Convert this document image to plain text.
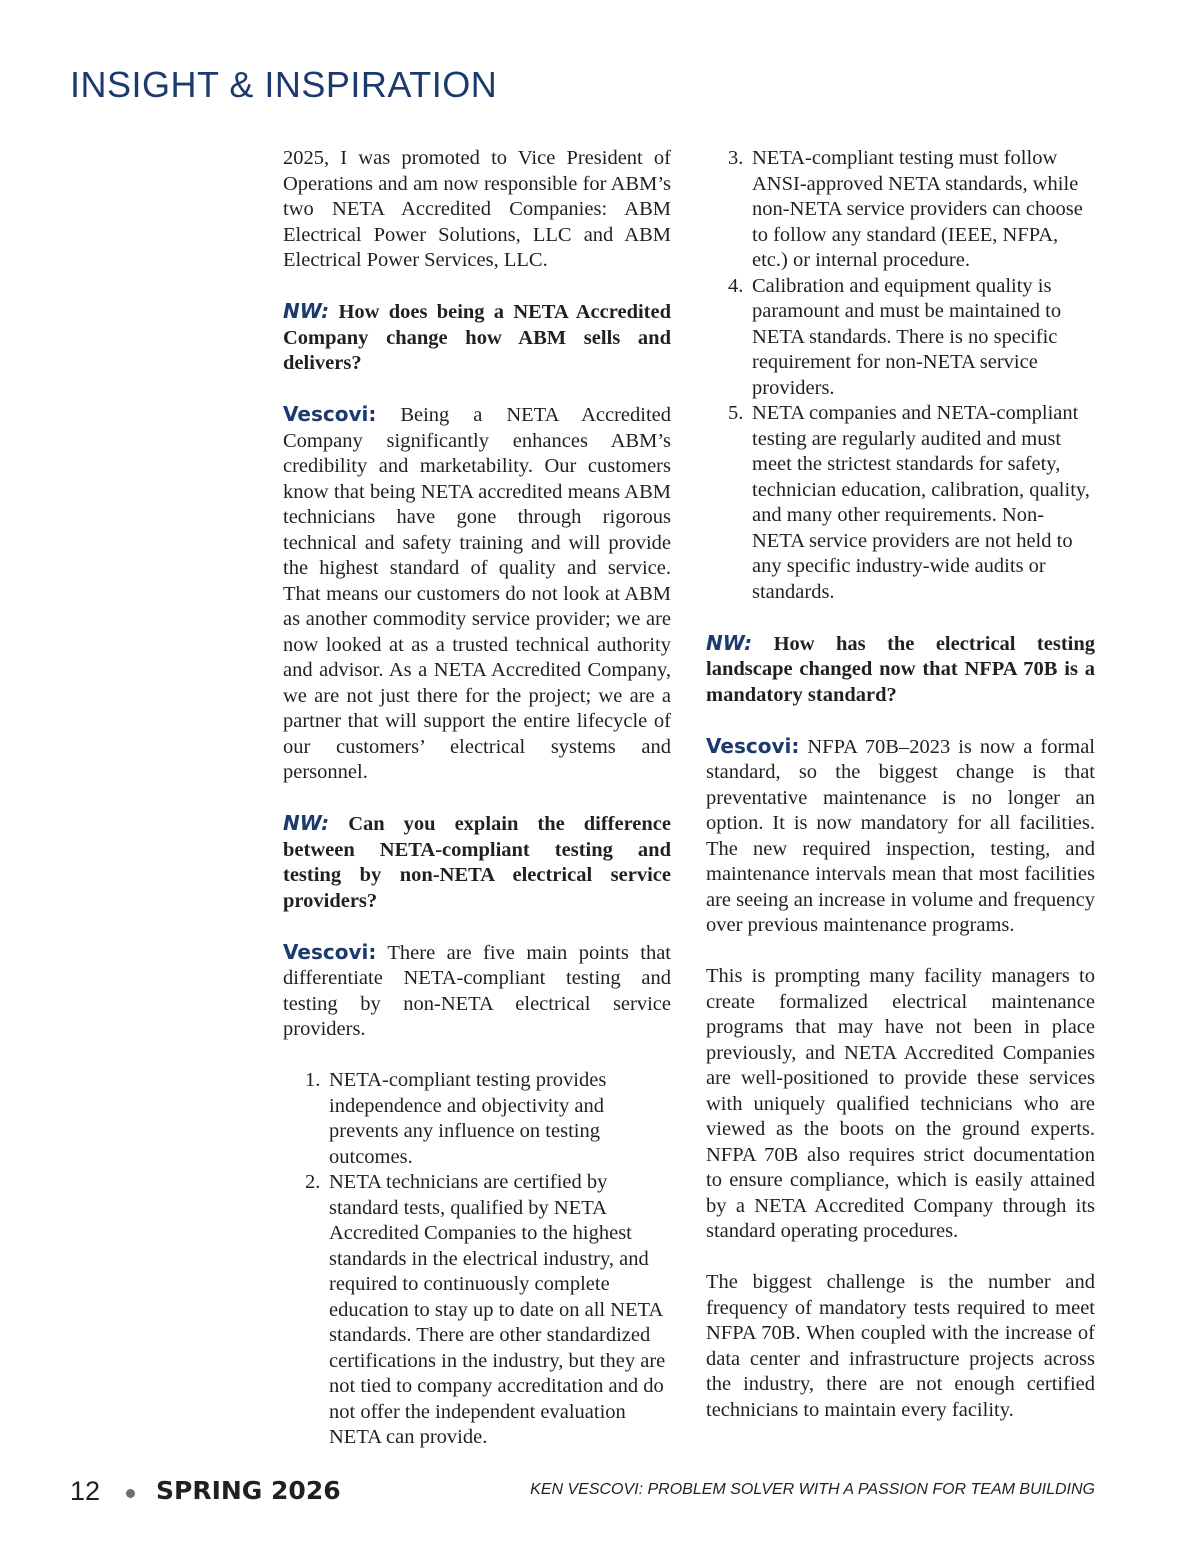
INSIGHT & INSPIRATION

2025, I was promoted to Vice President of Operations and am now responsible for ABM’s two NETA Accredited Companies: ABM Electrical Power Solutions, LLC and ABM Electrical Power Services, LLC.

NW: How does being a NETA Accredited Company change how ABM sells and delivers?

Vescovi: Being a NETA Accredited Company significantly enhances ABM’s credibility and marketability. Our customers know that being NETA accredited means ABM technicians have gone through rigorous technical and safety training and will provide the highest standard of quality and service. That means our customers do not look at ABM as another commodity service provider; we are now looked at as a trusted technical authority and advisor. As a NETA Accredited Company, we are not just there for the project; we are a partner that will support the entire lifecycle of our customers’ electrical systems and personnel.

NW: Can you explain the difference between NETA-compliant testing and testing by non-NETA electrical service providers?

Vescovi: There are five main points that differentiate NETA-compliant testing and testing by non-NETA electrical service providers.

1. NETA-compliant testing provides independence and objectivity and prevents any influence on testing outcomes.
2. NETA technicians are certified by standard tests, qualified by NETA Accredited Companies to the highest standards in the electrical industry, and required to continuously complete education to stay up to date on all NETA standards. There are other standardized certifications in the industry, but they are not tied to company accreditation and do not offer the independent evaluation NETA can provide.
3. NETA-compliant testing must follow ANSI-approved NETA standards, while non-NETA service providers can choose to follow any standard (IEEE, NFPA, etc.) or internal procedure.
4. Calibration and equipment quality is paramount and must be maintained to NETA standards. There is no specific requirement for non-NETA service providers.
5. NETA companies and NETA-compliant testing are regularly audited and must meet the strictest standards for safety, technician education, calibration, quality, and many other requirements. Non-NETA service providers are not held to any specific industry-wide audits or standards.

NW: How has the electrical testing landscape changed now that NFPA 70B is a mandatory standard?

Vescovi: NFPA 70B–2023 is now a formal standard, so the biggest change is that preventative maintenance is no longer an option. It is now mandatory for all facilities. The new required inspection, testing, and maintenance intervals mean that most facilities are seeing an increase in volume and frequency over previous maintenance programs.

This is prompting many facility managers to create formalized electrical maintenance programs that may have not been in place previously, and NETA Accredited Companies are well-positioned to provide these services with uniquely qualified technicians who are viewed as the boots on the ground experts. NFPA 70B also requires strict documentation to ensure compliance, which is easily attained by a NETA Accredited Company through its standard operating procedures.

The biggest challenge is the number and frequency of mandatory tests required to meet NFPA 70B. When coupled with the increase of data center and infrastructure projects across the industry, there are not enough certified technicians to maintain every facility.

12 SPRING 2026	KEN VESCOVI: PROBLEM SOLVER WITH A PASSION FOR TEAM BUILDING
